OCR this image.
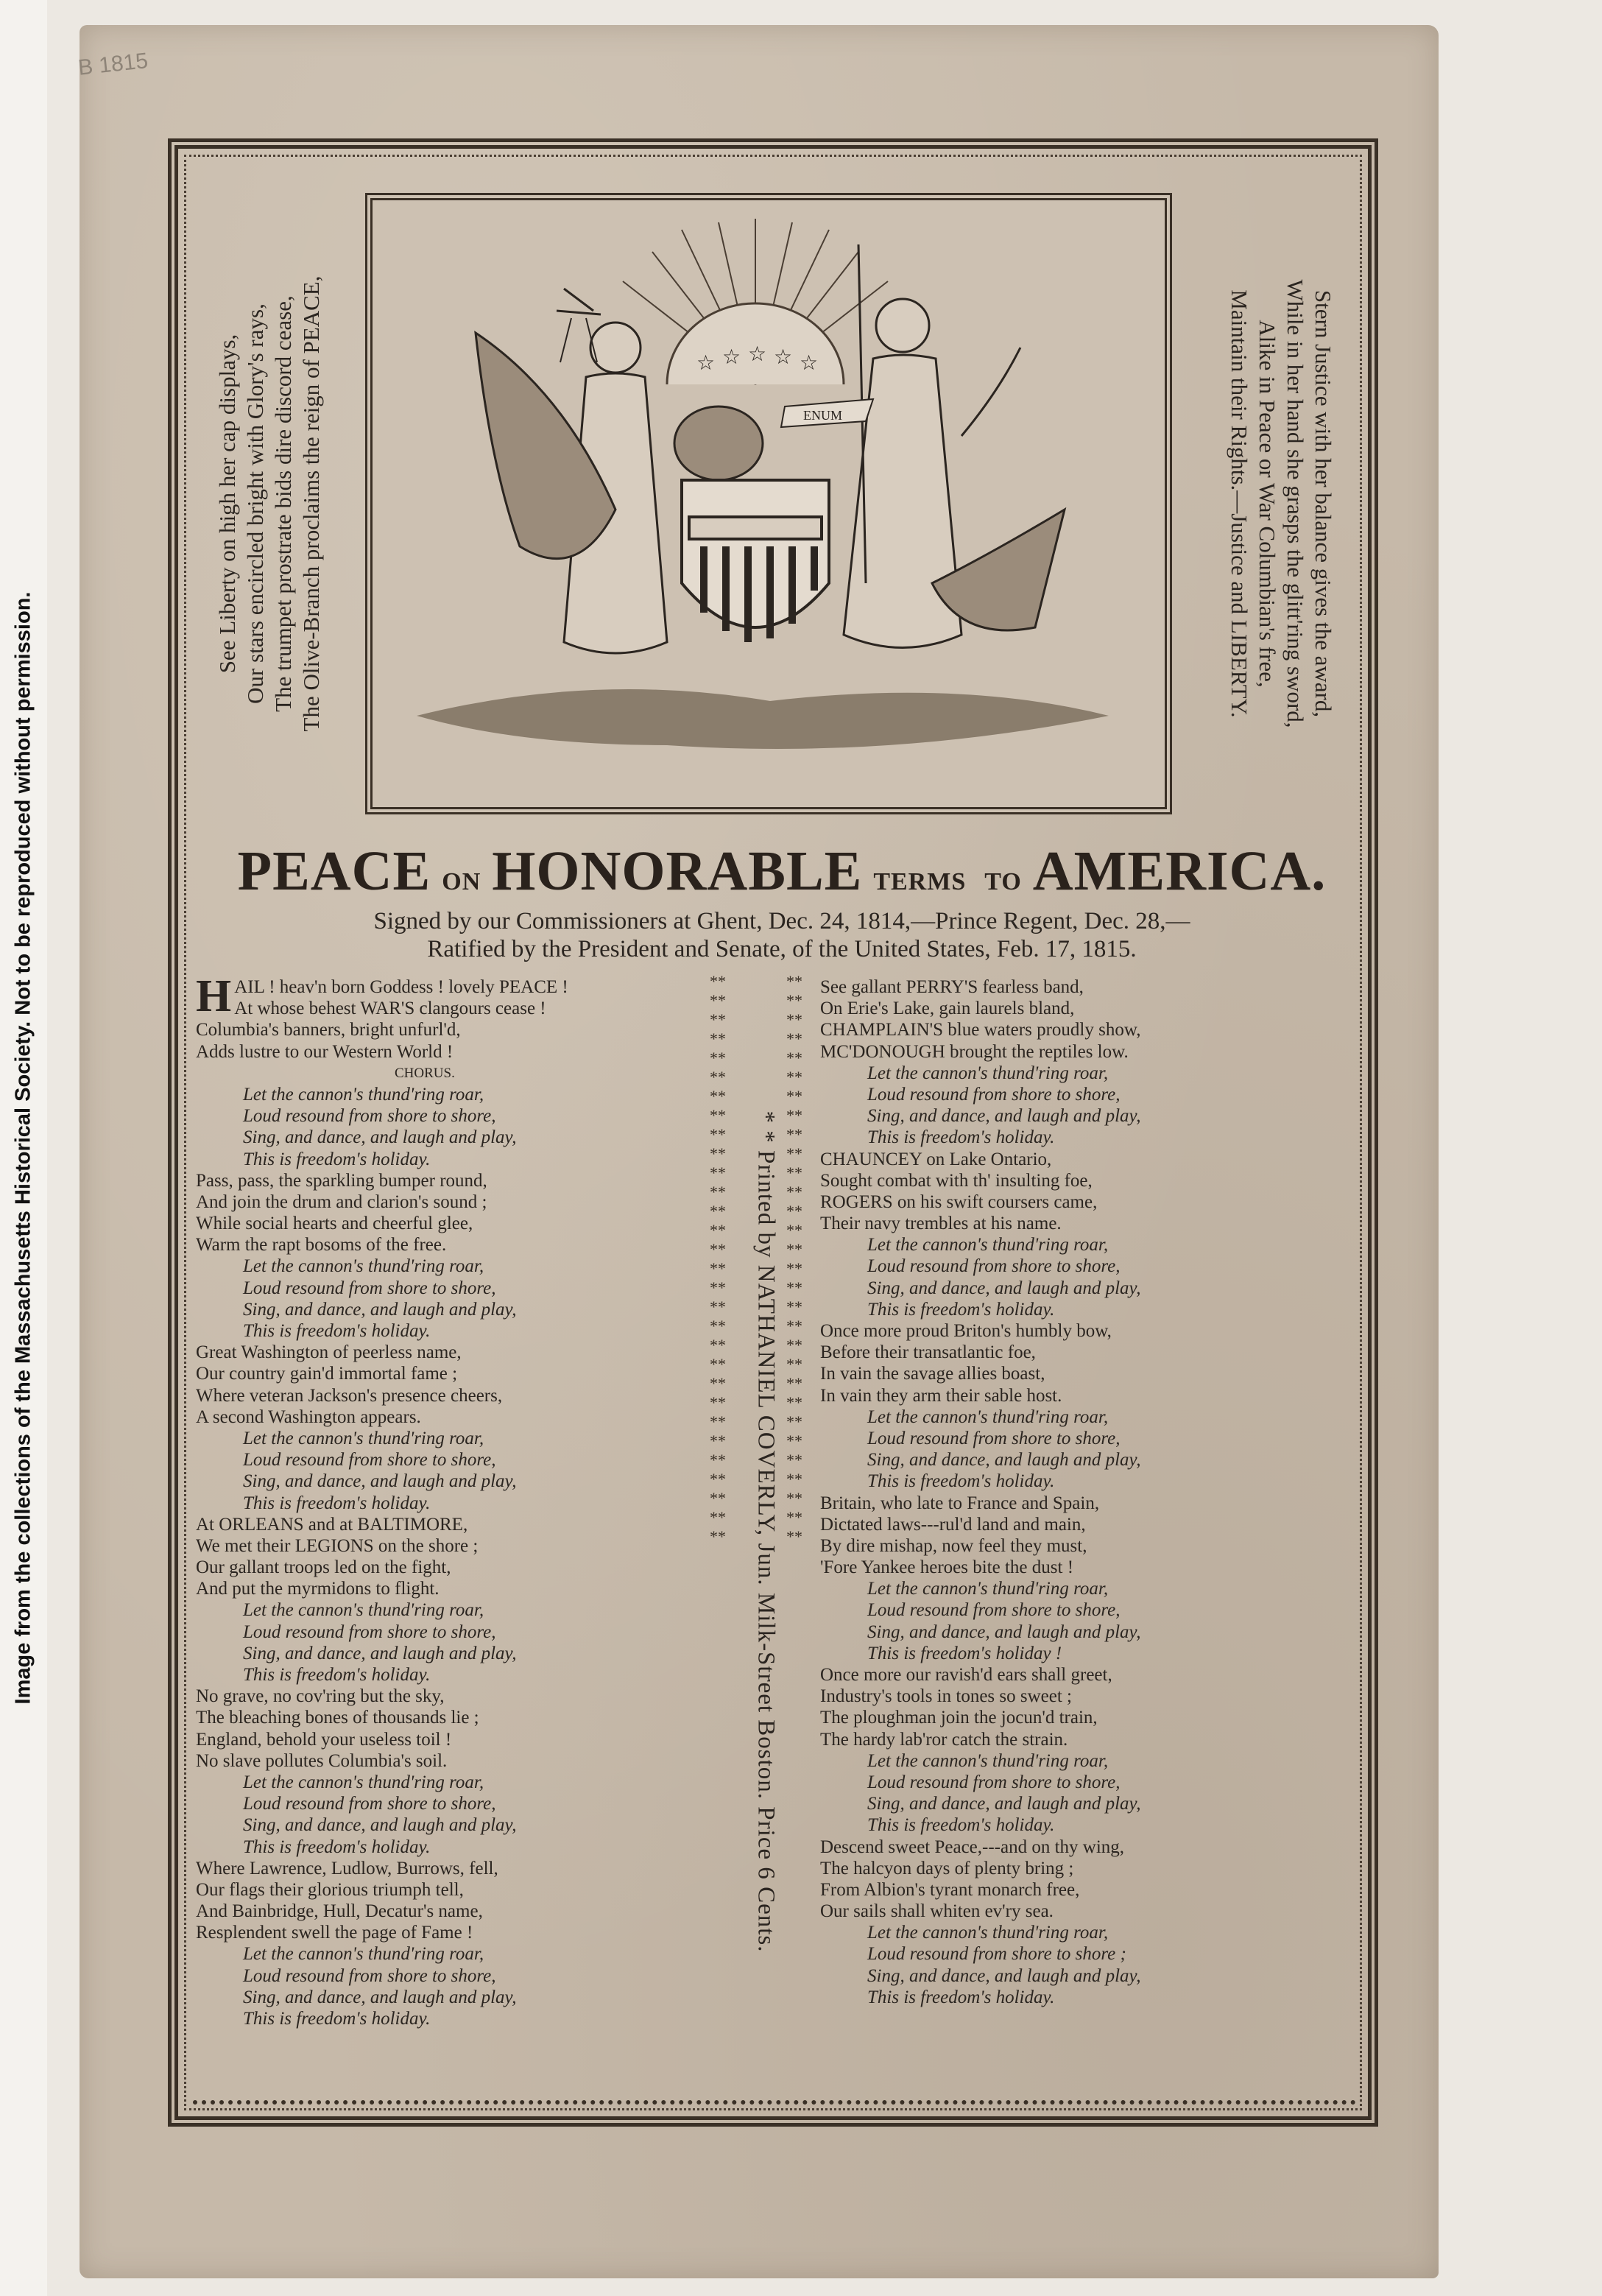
Image from the collections of the Massachusetts Historical Society. Not to be reproduced without permission.
B 1815
See Liberty on high her cap displays, Our stars encircled bright with Glory's rays, The trumpet prostrate bids dire discord cease, The Olive-Branch proclaims the reign of PEACE,	☆ ☆ ☆ ☆ ☆
ENUM	Stern Justice with her balance gives the award,
While in her hand she grasps the glitt'ring sword,
Alike in Peace or War Columbian's free,
Maintain their Rights.—Justice and LIBERTY.
PEACE ON HONORABLE TERMS TO AMERICA.
Signed by our Commissioners at Ghent, Dec. 24, 1814,—Prince Regent, Dec. 28,—
Ratified by the President and Senate, of the United States, Feb. 17, 1815.
HAIL ! heav'n born Goddess ! lovely PEACE !
At whose behest WAR'S clangours cease !
Columbia's banners, bright unfurl'd,
Adds lustre to our Western World !
CHORUS.
Let the cannon's thund'ring roar,
Loud resound from shore to shore,
Sing, and dance, and laugh and play,
This is freedom's holiday.
Pass, pass, the sparkling bumper round,
And join the drum and clarion's sound ;
While social hearts and cheerful glee,
Warm the rapt bosoms of the free.
Let the cannon's thund'ring roar,
Loud resound from shore to shore,
Sing, and dance, and laugh and play,
This is freedom's holiday.
Great Washington of peerless name,
Our country gain'd immortal fame ;
Where veteran Jackson's presence cheers,
A second Washington appears.
Let the cannon's thund'ring roar,
Loud resound from shore to shore,
Sing, and dance, and laugh and play,
This is freedom's holiday.
At ORLEANS and at BALTIMORE,
We met their LEGIONS on the shore ;
Our gallant troops led on the fight,
And put the myrmidons to flight.
Let the cannon's thund'ring roar,
Loud resound from shore to shore,
Sing, and dance, and laugh and play,
This is freedom's holiday.
No grave, no cov'ring but the sky,
The bleaching bones of thousands lie ;
England, behold your useless toil !
No slave pollutes Columbia's soil.
Let the cannon's thund'ring roar,
Loud resound from shore to shore,
Sing, and dance, and laugh and play,
This is freedom's holiday.
Where Lawrence, Ludlow, Burrows, fell,
Our flags their glorious triumph tell,
And Bainbridge, Hull, Decatur's name,
Resplendent swell the page of Fame !
Let the cannon's thund'ring roar,
Loud resound from shore to shore,
Sing, and dance, and laugh and play,
This is freedom's holiday.
************************************************************ * * Printed by NATHANIEL COVERLY, Jun. Milk-Street Boston. Price 6 Cents.
************************************************************
See gallant PERRY'S fearless band,
On Erie's Lake, gain laurels bland,
CHAMPLAIN'S blue waters proudly show,
MC'DONOUGH brought the reptiles low.
Let the cannon's thund'ring roar,
Loud resound from shore to shore,
Sing, and dance, and laugh and play,
This is freedom's holiday.
CHAUNCEY on Lake Ontario,
Sought combat with th' insulting foe,
ROGERS on his swift coursers came,
Their navy trembles at his name.
Let the cannon's thund'ring roar,
Loud resound from shore to shore,
Sing, and dance, and laugh and play,
This is freedom's holiday.
Once more proud Briton's humbly bow,
Before their transatlantic foe,
In vain the savage allies boast,
In vain they arm their sable host.
Let the cannon's thund'ring roar,
Loud resound from shore to shore,
Sing, and dance, and laugh and play,
This is freedom's holiday.
Britain, who late to France and Spain,
Dictated laws---rul'd land and main,
By dire mishap, now feel they must,
'Fore Yankee heroes bite the dust !
Let the cannon's thund'ring roar,
Loud resound from shore to shore,
Sing, and dance, and laugh and play,
This is freedom's holiday !
Once more our ravish'd ears shall greet,
Industry's tools in tones so sweet ;
The ploughman join the jocun'd train,
The hardy lab'ror catch the strain.
Let the cannon's thund'ring roar,
Loud resound from shore to shore,
Sing, and dance, and laugh and play,
This is freedom's holiday.
Descend sweet Peace,---and on thy wing,
The halcyon days of plenty bring ;
From Albion's tyrant monarch free,
Our sails shall whiten ev'ry sea.
Let the cannon's thund'ring roar,
Loud resound from shore to shore ;
Sing, and dance, and laugh and play,
This is freedom's holiday.
